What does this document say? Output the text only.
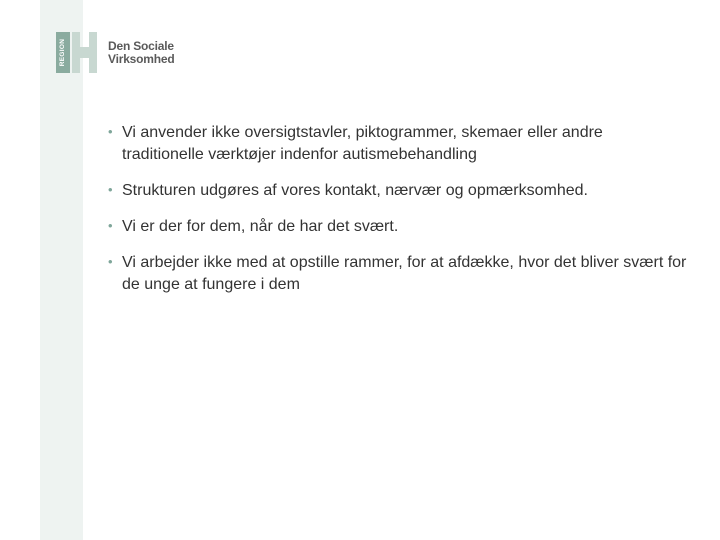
REGION	Den Sociale
Virksomhed
• Vi anvender ikke oversigtstavler, piktogrammer, skemaer eller andre traditionelle værktøjer indenfor autismebehandling
• Strukturen udgøres af vores kontakt, nærvær og opmærksomhed.
• Vi er der for dem, når de har det svært.
• Vi arbejder ikke med at opstille rammer, for at afdække, hvor det bliver svært for de unge at fungere i dem
